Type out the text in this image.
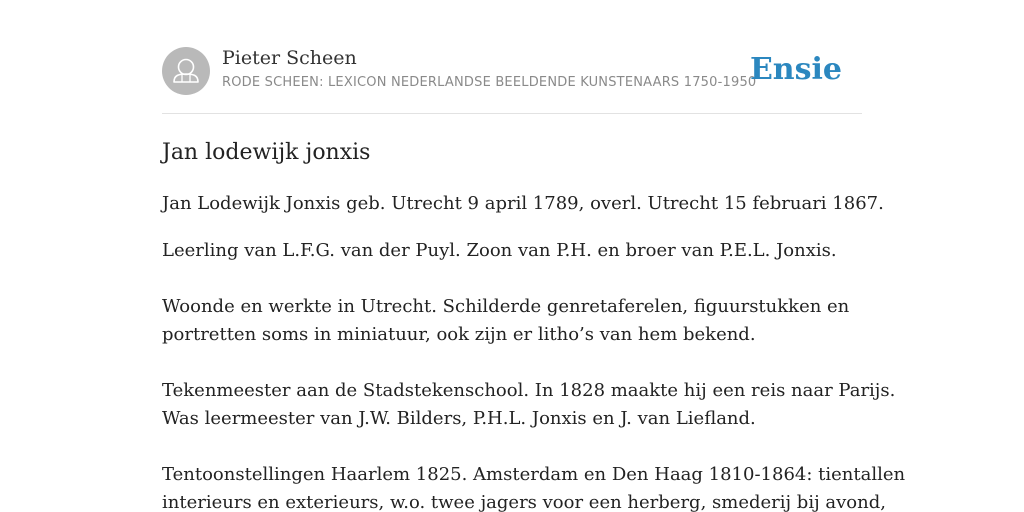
Pieter Scheen
RODE SCHEEN: LEXICON NEDERLANDSE BEELDENDE KUNSTENAARS 1750-1950
Ensie
Jan lodewijk jonxis

Jan Lodewijk Jonxis geb. Utrecht 9 april 1789, overl. Utrecht 15 februari 1867.

Leerling van L.F.G. van der Puyl. Zoon van P.H. en broer van P.E.L. Jonxis.

Woonde en werkte in Utrecht. Schilderde genretaferelen, figuurstukken en

portretten soms in miniatuur, ook zijn er litho’s van hem bekend.

Tekenmeester aan de Stadstekenschool. In 1828 maakte hij een reis naar Parijs.

Was leermeester van J.W. Bilders, P.H.L. Jonxis en J. van Liefland.

Tentoonstellingen Haarlem 1825. Amsterdam en Den Haag 1810-1864: tientallen

interieurs en exterieurs, w.o. twee jagers voor een herberg, smederij bij avond,
